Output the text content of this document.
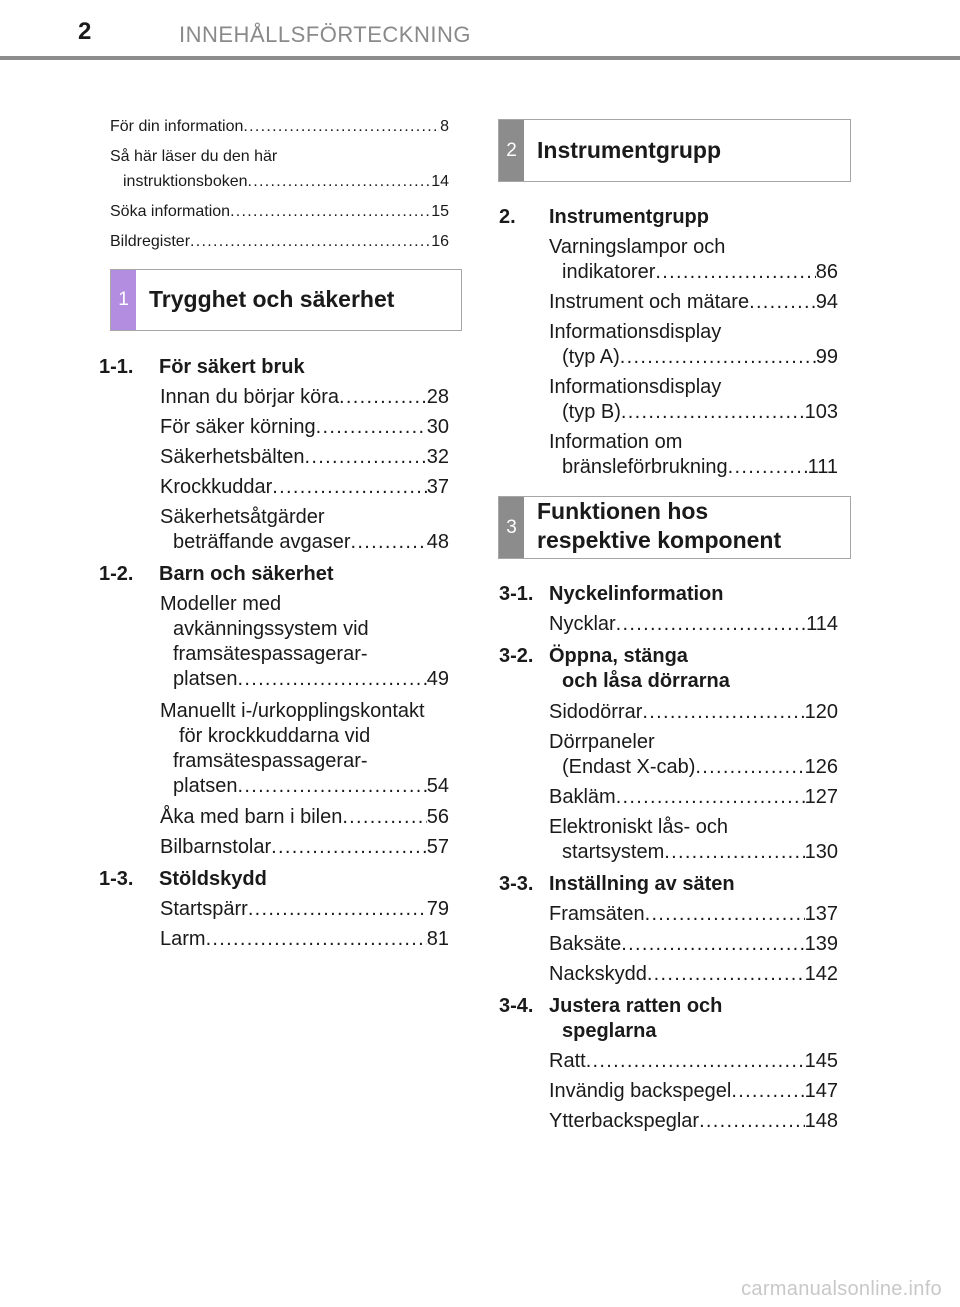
2	INNEHÅLLSFÖRTECKNING
För din information .....	8
Så här läser du den här
instruktionsboken .....	14
Söka information .....	15
Bildregister .....	16
1 Trygghet och säkerhet
1-1. För säkert bruk
Innan du börjar köra .....	28
För säker körning .....	30
Säkerhetsbälten .....	32
Krockkuddar .....	37
Säkerhetsåtgärder
beträffande avgaser .....	48
1-2. Barn och säkerhet
Modeller med
avkänningssystem vid
framsätespassagerar-
platsen .....	49
Manuellt i-/urkopplingskontakt
för krockkuddarna vid
framsätespassagerar-
platsen .....	54
Åka med barn i bilen .....	56
Bilbarnstolar .....	57
1-3. Stöldskydd
Startspärr .....	79
Larm .....	81
2 Instrumentgrupp
2. Instrumentgrupp
Varningslampor och
indikatorer .....	86
Instrument och mätare .....	94
Informationsdisplay
(typ A) .....	99
Informationsdisplay
(typ B) .....	103
Information om
bränsleförbrukning .....	111
3
Funktionen hos
respektive komponent
3-1. Nyckelinformation
Nycklar .....	114
3-2. Öppna, stänga
och låsa dörrarna
Sidodörrar .....	120
Dörrpaneler
(Endast X-cab) .....	126
Bakläm .....	127
Elektroniskt lås- och
startsystem .....	130
3-3. Inställning av säten
Framsäten .....	137
Baksäte .....	139
Nackskydd .....	142
3-4. Justera ratten och
speglarna
Ratt .....	145
Invändig backspegel .....	147
Ytterbackspeglar .....	148
carmanualsonline.info
